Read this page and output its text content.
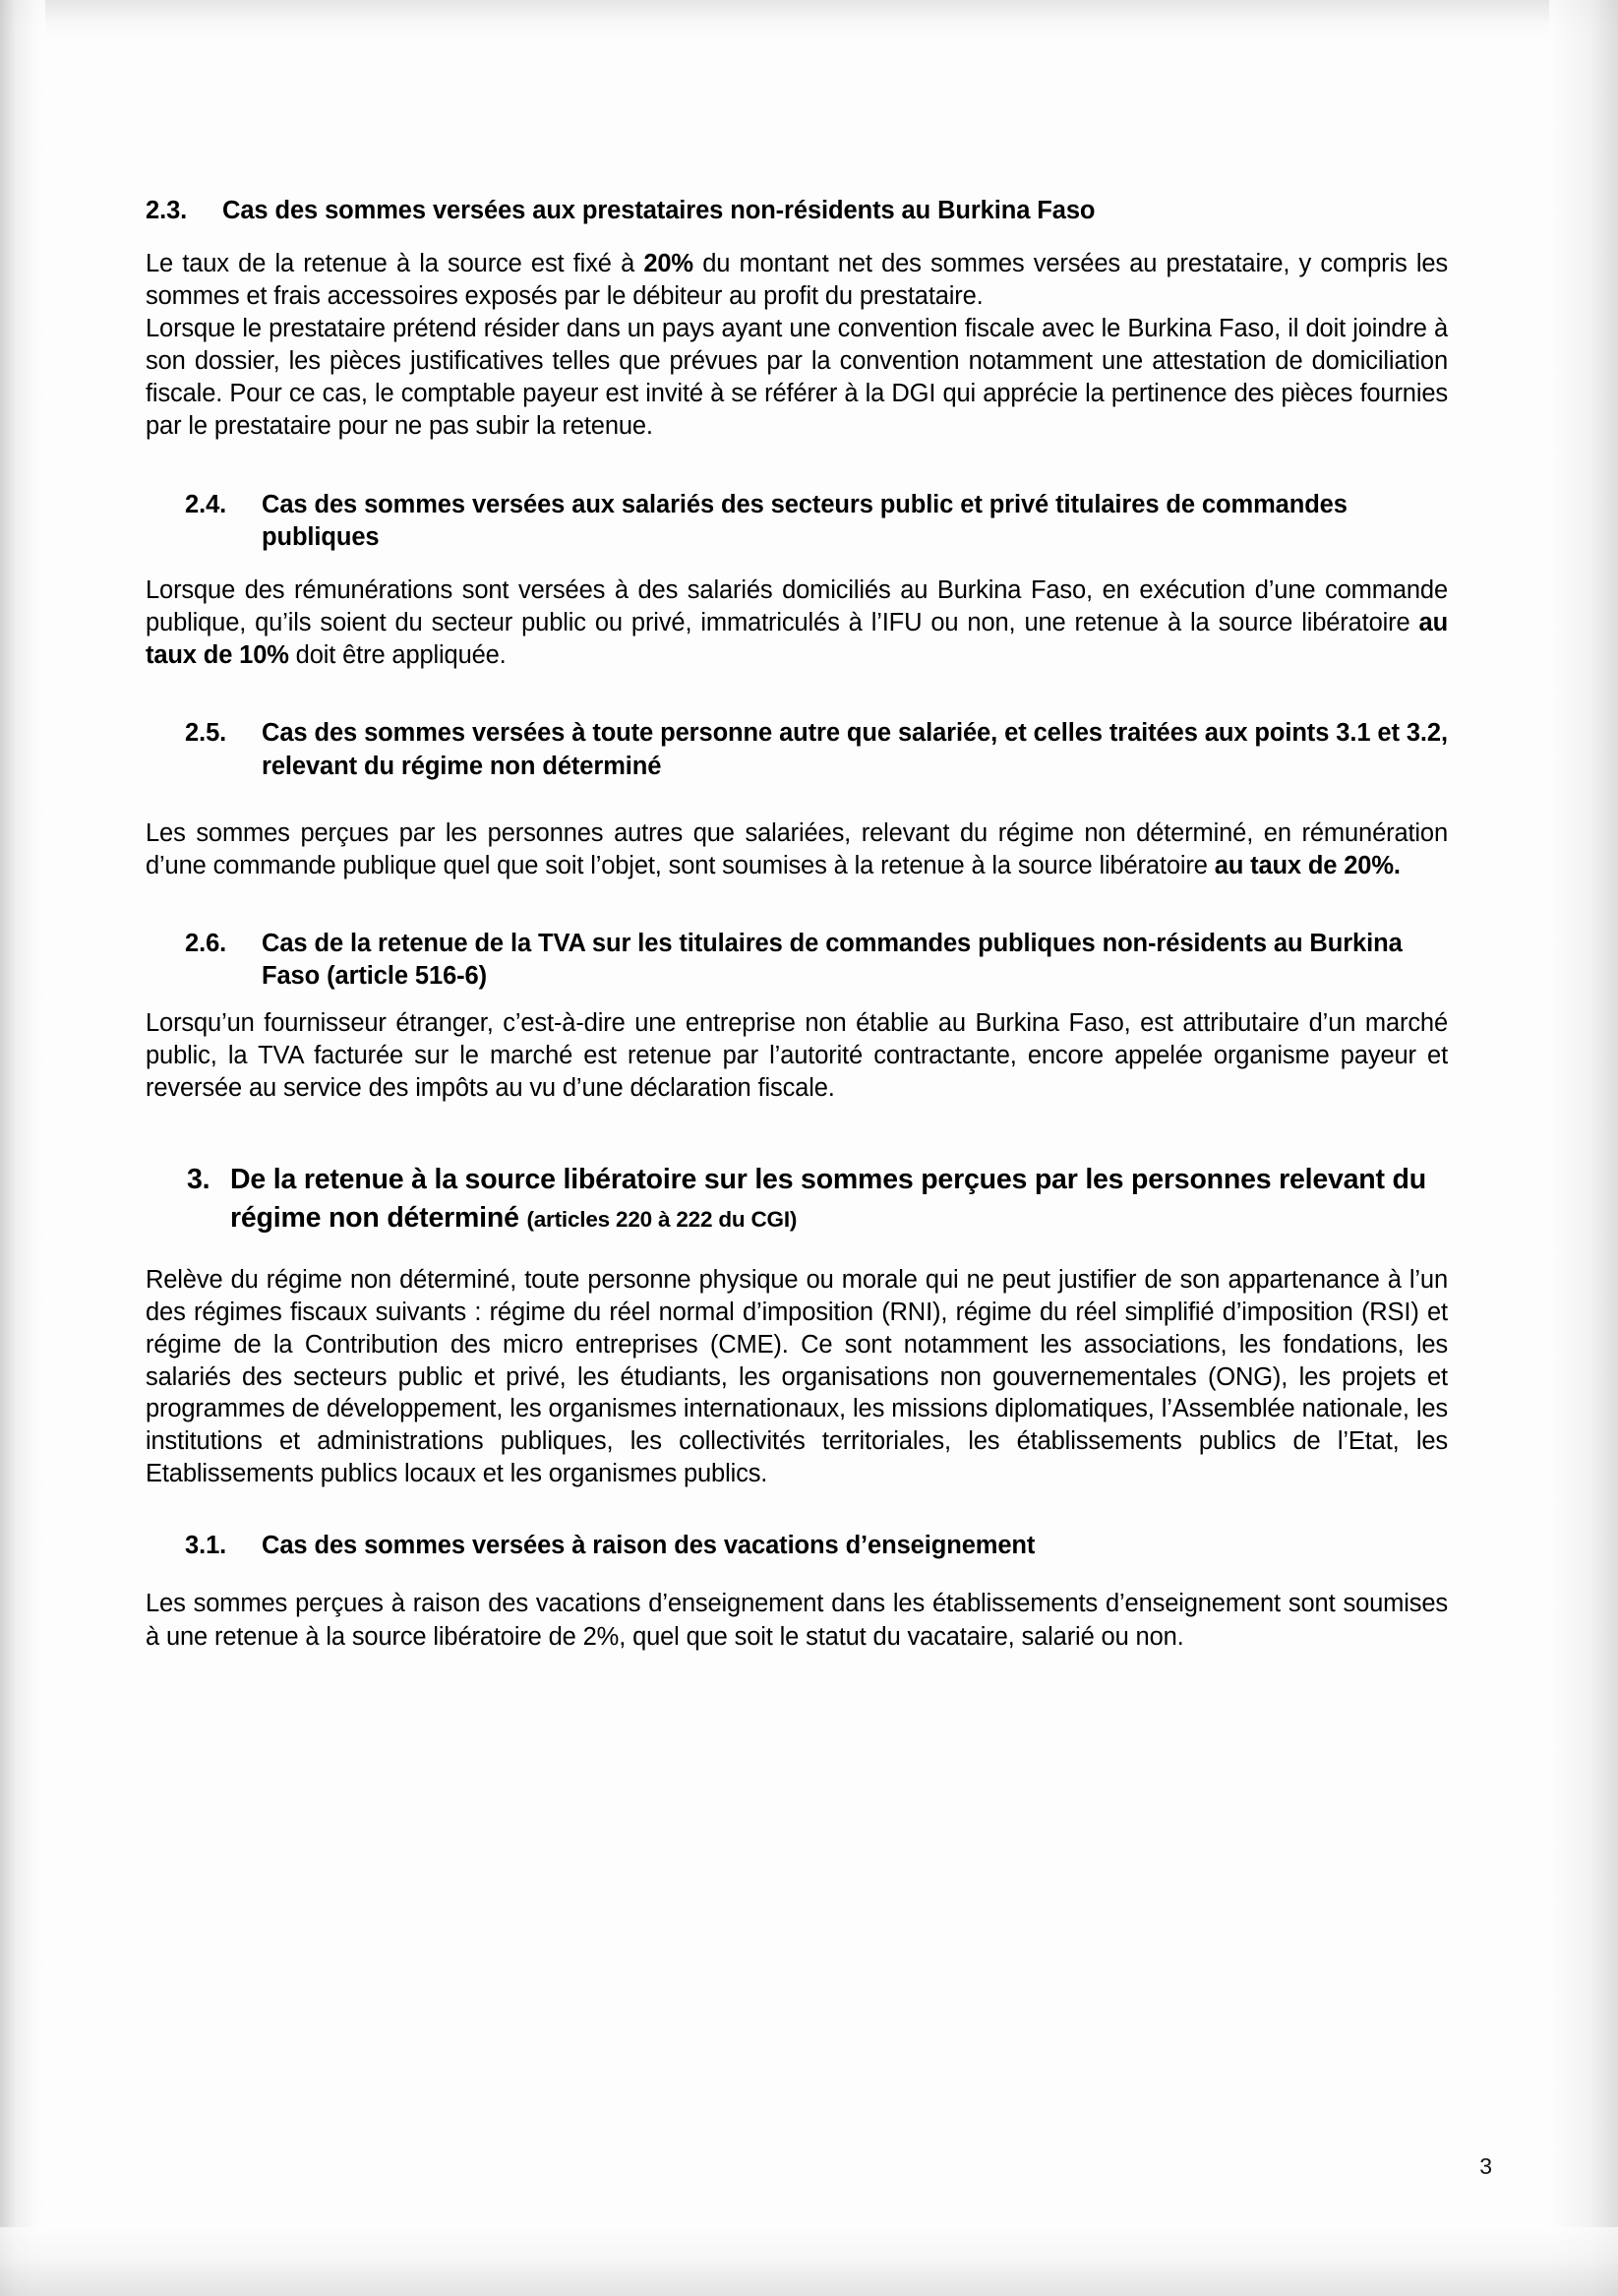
2.3.	Cas des sommes versées aux prestataires non-résidents au Burkina Faso

Le taux de la retenue à la source est fixé à 20% du montant net des sommes versées au prestataire, y compris les sommes et frais accessoires exposés par le débiteur au profit du prestataire.

Lorsque le prestataire prétend résider dans un pays ayant une convention fiscale avec le Burkina Faso, il doit joindre à son dossier, les pièces justificatives telles que prévues par la convention notamment une attestation de domiciliation fiscale. Pour ce cas, le comptable payeur est invité à se référer à la DGI qui apprécie la pertinence des pièces fournies par le prestataire pour ne pas subir la retenue.

2.4.	Cas des sommes versées aux salariés des secteurs public et privé titulaires de commandes publiques

Lorsque des rémunérations sont versées à des salariés domiciliés au Burkina Faso, en exécution d’une commande publique, qu’ils soient du secteur public ou privé, immatriculés à l’IFU ou non, une retenue à la source libératoire au taux de 10% doit être appliquée.

2.5.	Cas des sommes versées à toute personne autre que salariée, et celles traitées aux points 3.1 et 3.2, relevant du régime non déterminé

Les sommes perçues par les personnes autres que salariées, relevant du régime non déterminé, en rémunération d’une commande publique quel que soit l’objet, sont soumises à la retenue à la source libératoire au taux de 20%.

2.6.	Cas de la retenue de la TVA sur les titulaires de commandes publiques non-résidents au Burkina Faso (article 516-6)

Lorsqu’un fournisseur étranger, c’est-à-dire une entreprise non établie au Burkina Faso, est attributaire d’un marché public, la TVA facturée sur le marché est retenue par l’autorité contractante, encore appelée organisme payeur et reversée au service des impôts au vu d’une déclaration fiscale.

3. De la retenue à la source libératoire sur les sommes perçues par les personnes relevant du régime non déterminé (articles 220 à 222 du CGI)

Relève du régime non déterminé, toute personne physique ou morale qui ne peut justifier de son appartenance à l’un des régimes fiscaux suivants : régime du réel normal d’imposition (RNI), régime du réel simplifié d’imposition (RSI) et régime de la Contribution des micro entreprises (CME). Ce sont notamment les associations, les fondations, les salariés des secteurs public et privé, les étudiants, les organisations non gouvernementales (ONG), les projets et programmes de développement, les organismes internationaux, les missions diplomatiques, l’Assemblée nationale, les institutions et administrations publiques, les collectivités territoriales, les établissements publics de l’Etat, les Etablissements publics locaux et les organismes publics.

3.1.	Cas des sommes versées à raison des vacations d’enseignement

Les sommes perçues à raison des vacations d’enseignement dans les établissements d’enseignement sont soumises à une retenue à la source libératoire de 2%, quel que soit le statut du vacataire, salarié ou non.

3
